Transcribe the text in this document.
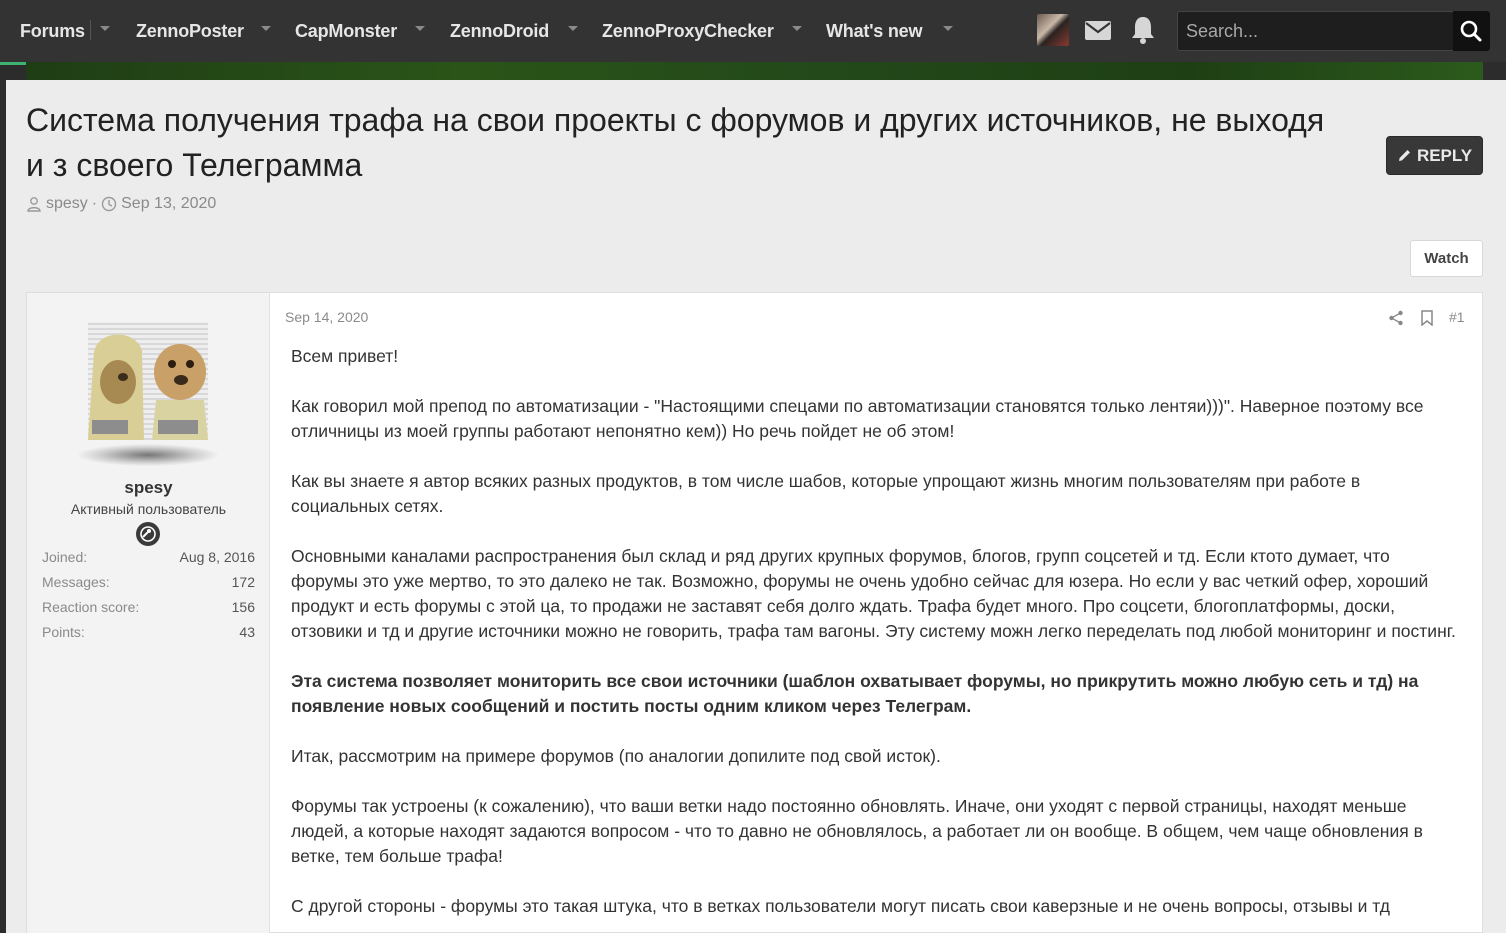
Forums	ZennoPoster	CapMonster	ZennoDroid	ZennoProxyChecker	What's new
Search...
Система получения трафа на свои проекты с форумов и других источников, не выходя и з своего Телеграмма
spesy · Sep 13, 2020
REPLY
Watch
spesy
Активный пользователь
Joined:	Aug 8, 2016
Messages:	172
Reaction score:	156
Points:	43
Sep 14, 2020	#1

Всем привет!

Как говорил мой препод по автоматизации - "Настоящими спецами по автоматизации становятся только лентяи)))". Наверное поэтому все отличницы из моей группы работают непонятно кем)) Но речь пойдет не об этом!

Как вы знаете я автор всяких разных продуктов, в том числе шабов, которые упрощают жизнь многим пользователям при работе в социальных сетях.

Основными каналами распространения был склад и ряд других крупных форумов, блогов, групп соцсетей и тд. Если ктото думает, что форумы это уже мертво, то это далеко не так. Возможно, форумы не очень удобно сейчас для юзера. Но если у вас четкий офер, хороший продукт и есть форумы с этой ца, то продажи не заставят себя долго ждать. Трафа будет много. Про соцсети, блогоплатформы, доски, отзовики и тд и другие источники можно не говорить, трафа там вагоны. Эту систему можн легко переделать под любой мониторинг и постинг.

Эта система позволяет мониторить все свои источники (шаблон охватывает форумы, но прикрутить можно любую сеть и тд) на появление новых сообщений и постить посты одним кликом через Телеграм.

Итак, рассмотрим на примере форумов (по аналогии допилите под свой исток).

Форумы так устроены (к сожалению), что ваши ветки надо постоянно обновлять. Иначе, они уходят с первой страницы, находят меньше людей, а которые находят задаются вопросом - что то давно не обновлялось, а работает ли он вообще. В общем, чем чаще обновления в ветке, тем больше трафа!

С другой стороны - форумы это такая штука, что в ветках пользователи могут писать свои каверзные и не очень вопросы, отзывы и тд
